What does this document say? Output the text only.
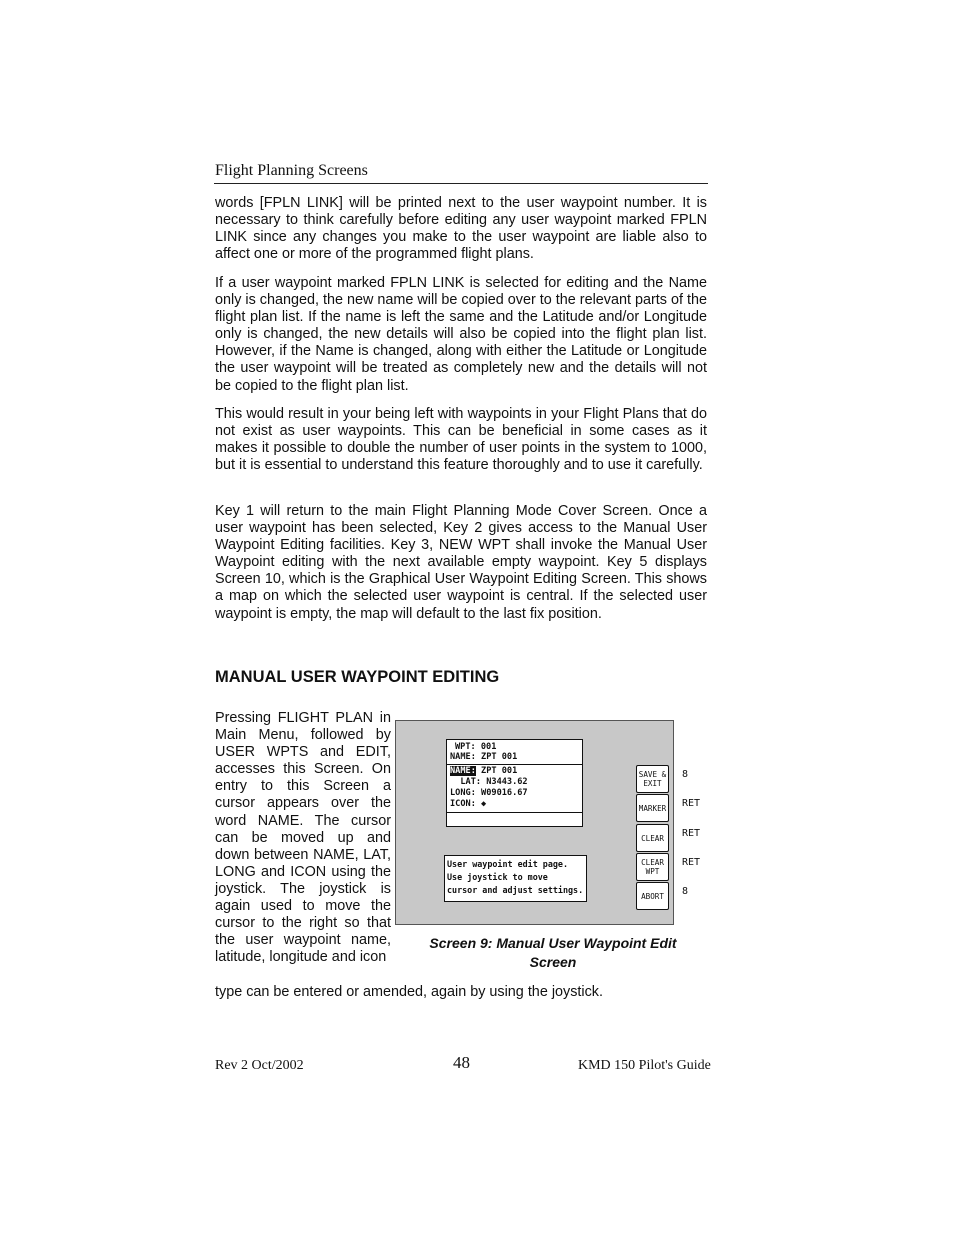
Flight Planning Screens

words [FPLN LINK] will be printed next to the user waypoint number. It is necessary to think carefully before editing any user waypoint marked FPLN LINK since any changes you make to the user waypoint are liable also to affect one or more of the programmed flight plans.

If a user waypoint marked FPLN LINK is selected for editing and the Name only is changed, the new name will be copied over to the relevant parts of the flight plan list. If the name is left the same and the Latitude and/or Longitude only is changed, the new details will also be copied into the flight plan list. However, if the Name is changed, along with either the Latitude or Longitude the user waypoint will be treated as completely new and the details will not be copied to the flight plan list.

This would result in your being left with waypoints in your Flight Plans that do not exist as user waypoints. This can be beneficial in some cases as it makes it possible to double the number of user points in the system to 1000, but it is essential to understand this feature thoroughly and to use it carefully.

Key 1 will return to the main Flight Planning Mode Cover Screen. Once a user waypoint has been selected, Key 2 gives access to the Manual User Waypoint Editing facilities. Key 3, NEW WPT shall invoke the Manual User Waypoint editing with the next available empty waypoint. Key 5 displays Screen 10, which is the Graphical User Waypoint Editing Screen. This shows a map on which the selected user waypoint is central. If the selected user waypoint is empty, the map will default to the last fix position.

MANUAL USER WAYPOINT EDITING

Pressing FLIGHT PLAN in Main Menu, followed by USER WPTS and EDIT, accesses this Screen. On entry to this Screen a cursor appears over the word NAME. The cursor can be moved up and down between NAME, LAT, LONG and ICON using the joystick. The joystick is again used to move the cursor to the right so that the user waypoint name, latitude, longitude and icon

WPT: 001
NAME: ZPT 001
NAME: ZPT 001
LAT: N3443.62
LONG: W09016.67
ICON: ◆
User waypoint edit page.
Use joystick to move
cursor and adjust settings.
SAVE &
EXIT
MARKER
CLEAR
CLEAR
WPT
ABORT
8
RET
RET
RET
8

Screen 9: Manual User Waypoint Edit
Screen

type can be entered or amended, again by using the joystick.

Rev 2 Oct/2002	48	KMD 150 Pilot's Guide
